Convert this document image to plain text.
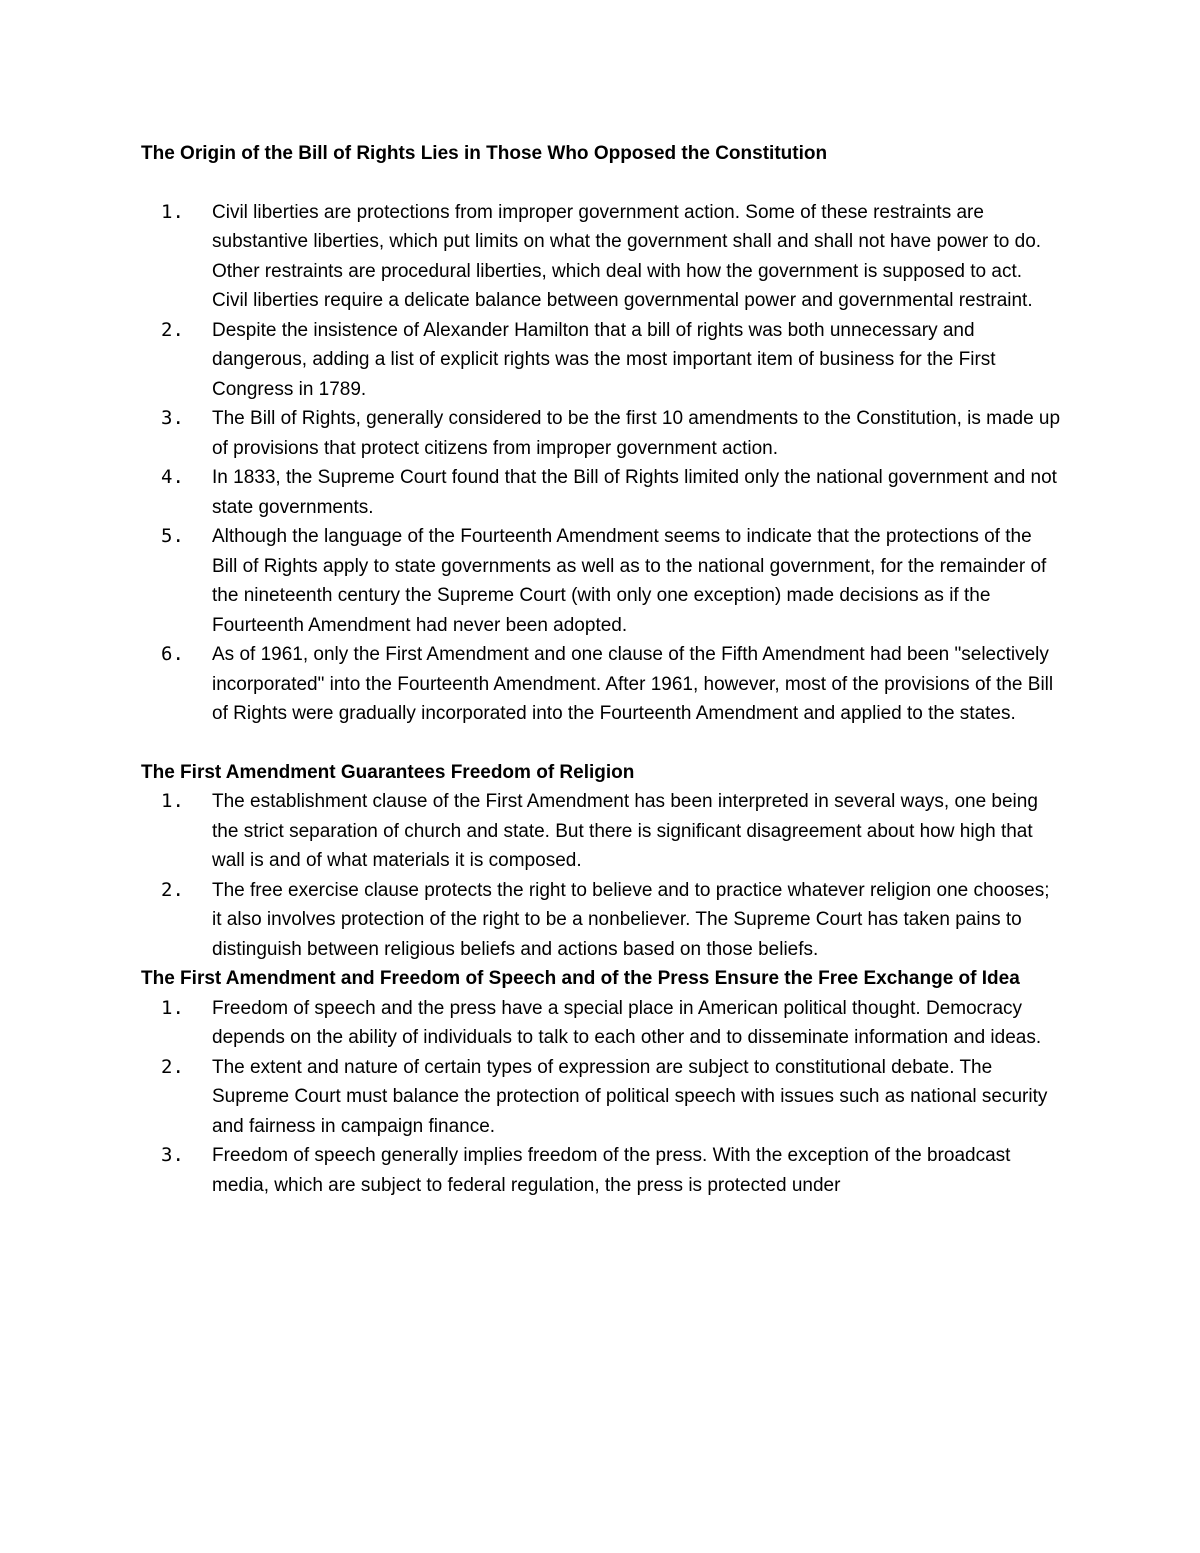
The Origin of the Bill of Rights Lies in Those Who Opposed the Constitution
1. Civil liberties are protections from improper government action. Some of these restraints are substantive liberties, which put limits on what the government shall and shall not have power to do. Other restraints are procedural liberties, which deal with how the government is supposed to act. Civil liberties require a delicate balance between governmental power and governmental restraint.
2. Despite the insistence of Alexander Hamilton that a bill of rights was both unnecessary and dangerous, adding a list of explicit rights was the most important item of business for the First Congress in 1789.
3. The Bill of Rights, generally considered to be the first 10 amendments to the Constitution, is made up of provisions that protect citizens from improper government action.
4. In 1833, the Supreme Court found that the Bill of Rights limited only the national government and not state governments.
5. Although the language of the Fourteenth Amendment seems to indicate that the protections of the Bill of Rights apply to state governments as well as to the national government, for the remainder of the nineteenth century the Supreme Court (with only one exception) made decisions as if the Fourteenth Amendment had never been adopted.
6. As of 1961, only the First Amendment and one clause of the Fifth Amendment had been "selectively incorporated" into the Fourteenth Amendment. After 1961, however, most of the provisions of the Bill of Rights were gradually incorporated into the Fourteenth Amendment and applied to the states.
The First Amendment Guarantees Freedom of Religion
1. The establishment clause of the First Amendment has been interpreted in several ways, one being the strict separation of church and state. But there is significant disagreement about how high that wall is and of what materials it is composed.
2. The free exercise clause protects the right to believe and to practice whatever religion one chooses; it also involves protection of the right to be a nonbeliever. The Supreme Court has taken pains to distinguish between religious beliefs and actions based on those beliefs.
The First Amendment and Freedom of Speech and of the Press Ensure the Free Exchange of Idea
1. Freedom of speech and the press have a special place in American political thought. Democracy depends on the ability of individuals to talk to each other and to disseminate information and ideas.
2. The extent and nature of certain types of expression are subject to constitutional debate. The Supreme Court must balance the protection of political speech with issues such as national security and fairness in campaign finance.
3. Freedom of speech generally implies freedom of the press. With the exception of the broadcast media, which are subject to federal regulation, the press is protected under
